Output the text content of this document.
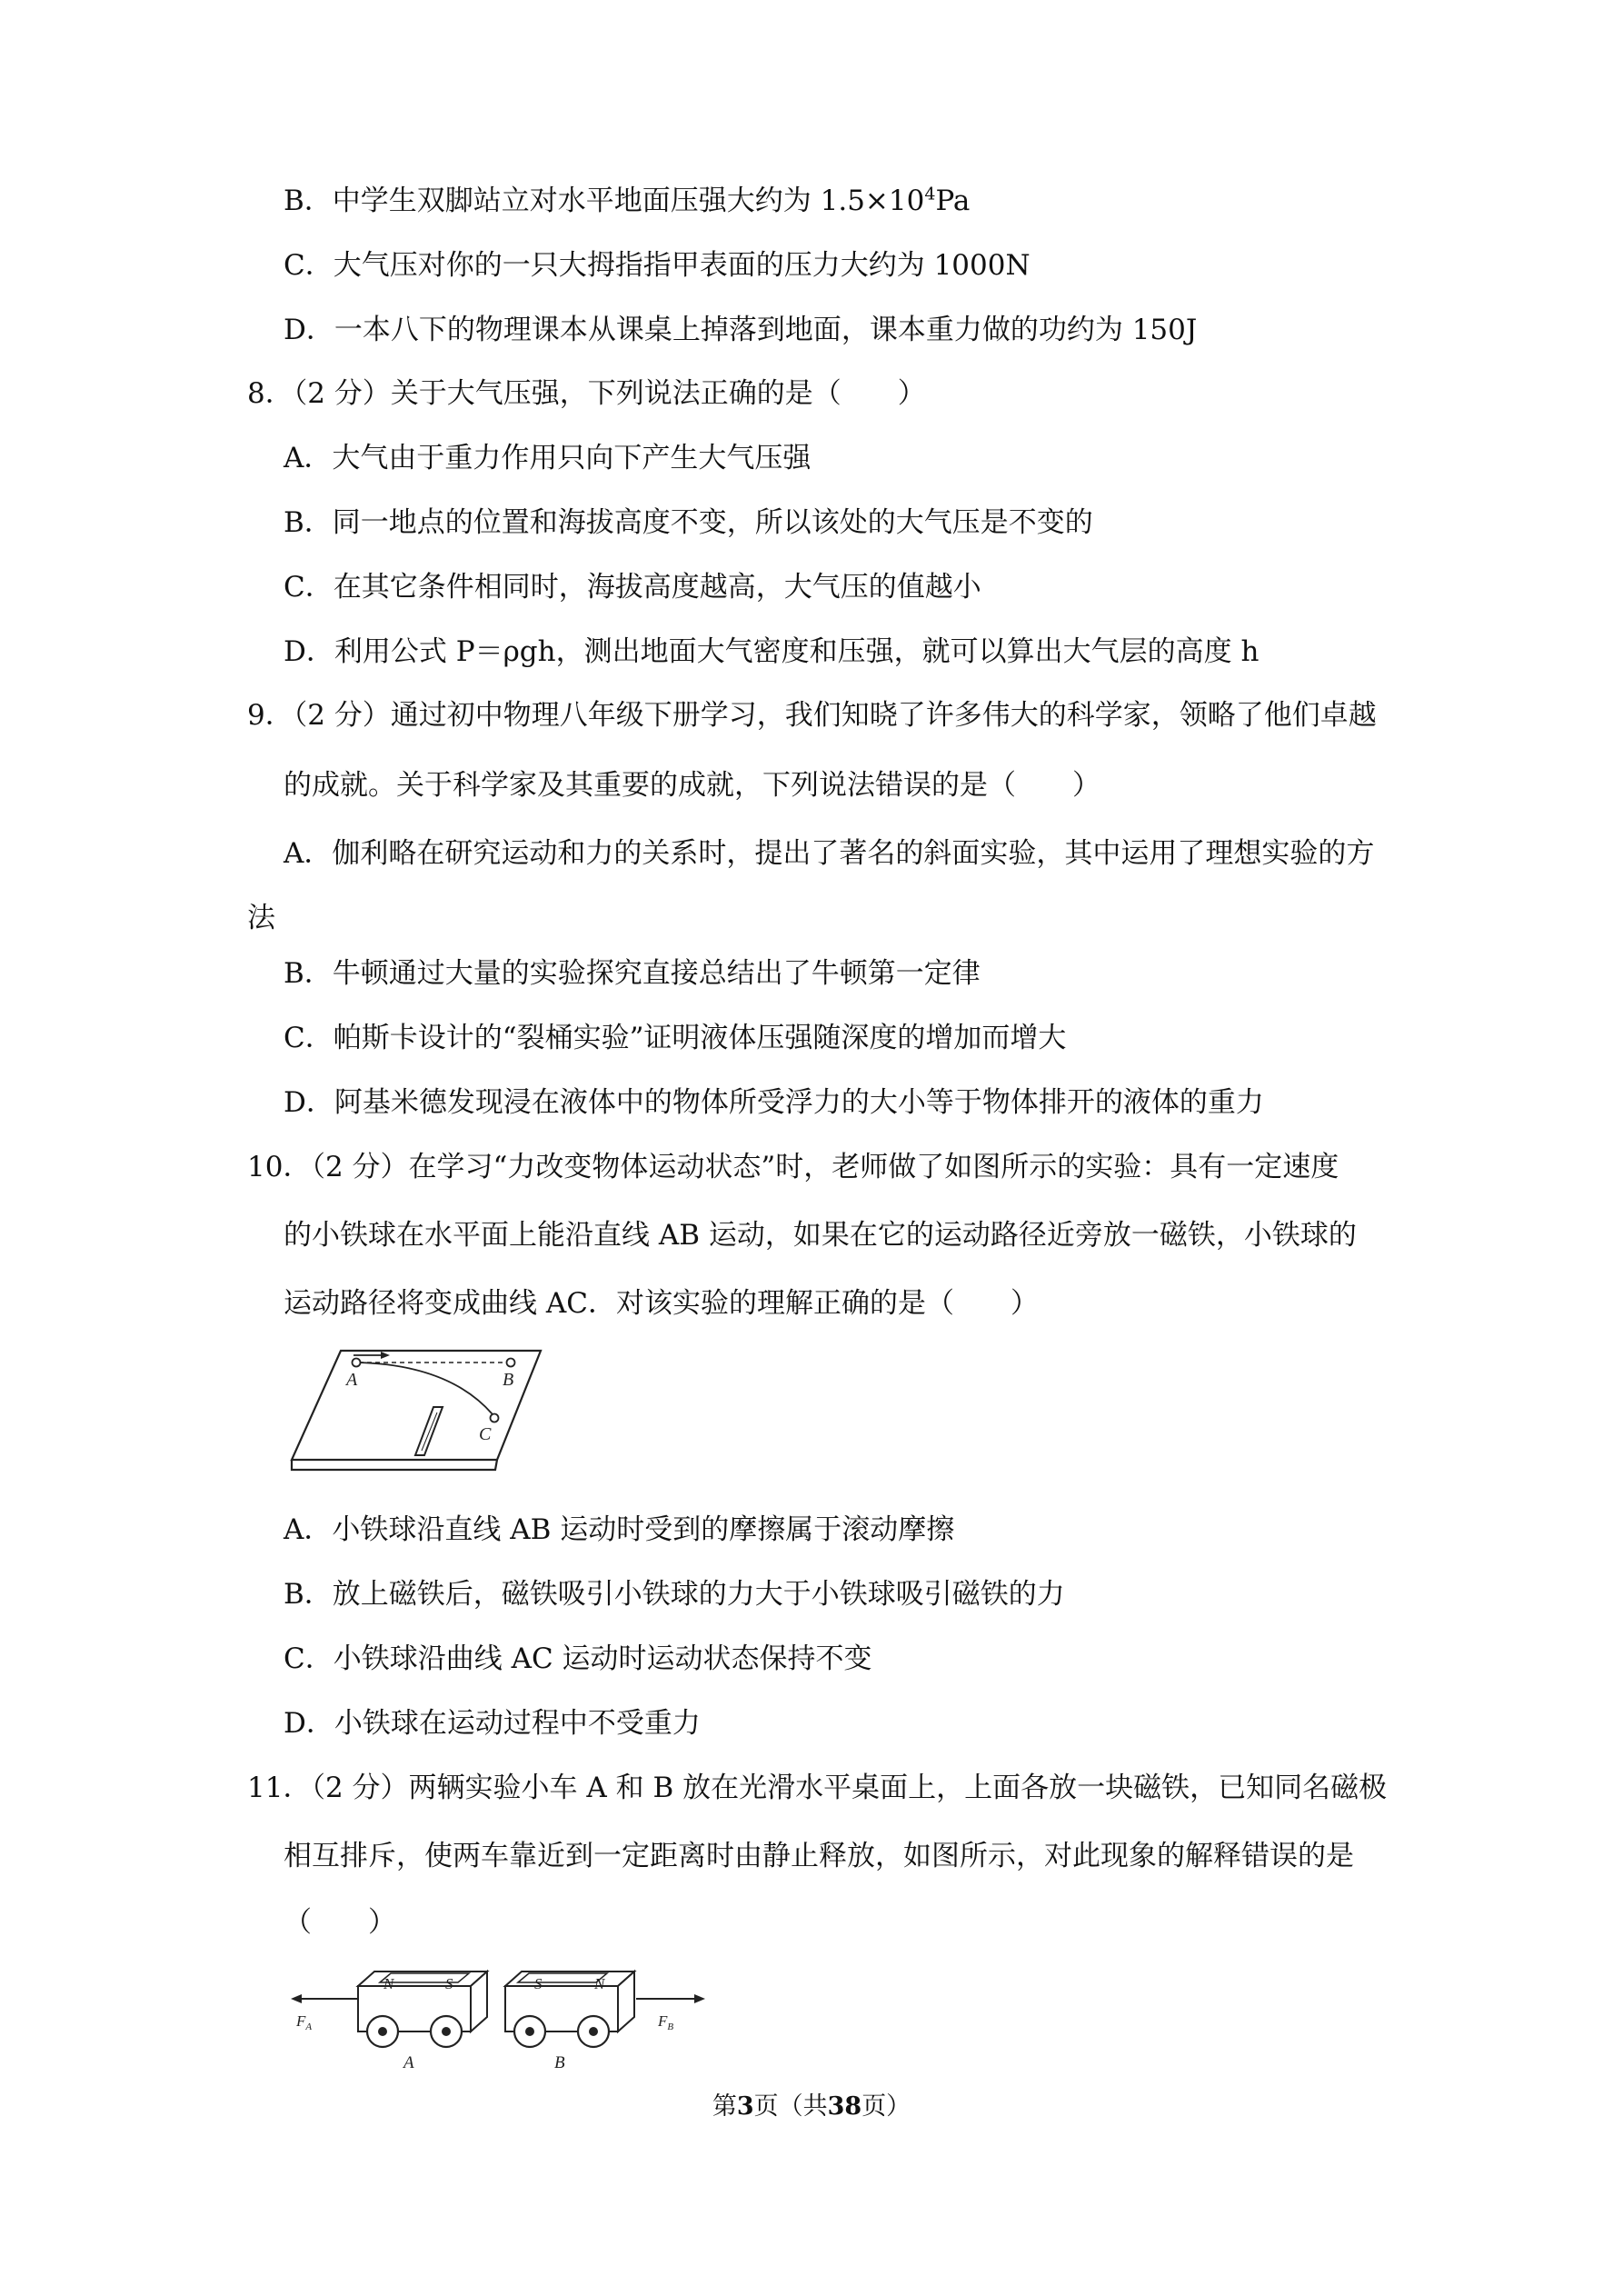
B．中学生双脚站立对水平地面压强大约为 $1.5\times 10^4Pa$
C．大气压对你的一只大拇指指甲表面的压力大约为 1000N
D．一本八下的物理课本从课桌上掉落到地面，课本重力做的功约为 150J
8．（2 分）关于大气压强，下列说法正确的是（　　）
A．大气由于重力作用只向下产生大气压强
B．同一地点的位置和海拔高度不变，所以该处的大气压是不变的
C．在其它条件相同时，海拔高度越高，大气压的值越小
D．利用公式 P＝ρgh，测出地面大气密度和压强，就可以算出大气层的高度 h
9．（2 分）通过初中物理八年级下册学习，我们知晓了许多伟大的科学家，领略了他们卓越
的成就。关于科学家及其重要的成就，下列说法错误的是（　　）
A．伽利略在研究运动和力的关系时，提出了著名的斜面实验，其中运用了理想实验的方
法
B．牛顿通过大量的实验探究直接总结出了牛顿第一定律
C．帕斯卡设计的“裂桶实验”证明液体压强随深度的增加而增大
D．阿基米德发现浸在液体中的物体所受浮力的大小等于物体排开的液体的重力
10．（2 分）在学习“力改变物体运动状态”时，老师做了如图所示的实验：具有一定速度
的小铁球在水平面上能沿直线 AB 运动，如果在它的运动路径近旁放一磁铁，小铁球的
运动路径将变成曲线 AC．对该实验的理解正确的是（　　）
A	B
C
A．小铁球沿直线 AB 运动时受到的摩擦属于滚动摩擦
B．放上磁铁后，磁铁吸引小铁球的力大于小铁球吸引磁铁的力
C．小铁球沿曲线 AC 运动时运动状态保持不变
D．小铁球在运动过程中不受重力
11．（2 分）两辆实验小车 A 和 B 放在光滑水平桌面上，上面各放一块磁铁，已知同名磁极
相互排斥，使两车靠近到一定距离时由静止释放，如图所示，对此现象的解释错误的是
（　　）
N	S	S	N
$F_A$	$F_B$
A	B
第3页（共38页）
